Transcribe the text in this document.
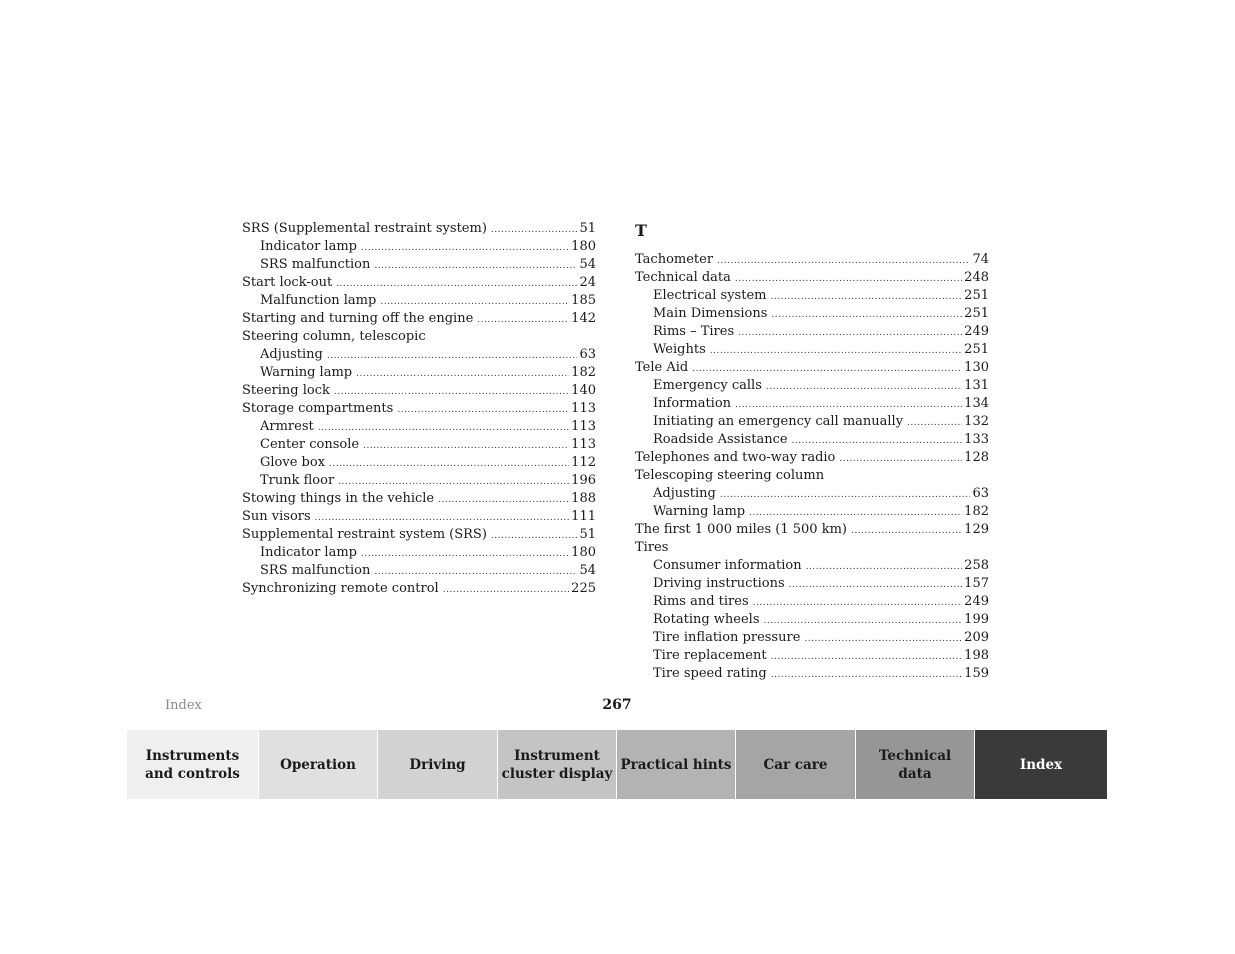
SRS (Supplemental restraint system) .....	51
Indicator lamp .....	180
SRS malfunction .....	54
Start lock-out .....	24
Malfunction lamp .....	185
Starting and turning off the engine .....	142
Steering column, telescopic
Adjusting .....	63
Warning lamp .....	182
Steering lock .....	140
Storage compartments .....	113
Armrest .....	113
Center console .....	113
Glove box .....	112
Trunk floor .....	196
Stowing things in the vehicle .....	188
Sun visors .....	111
Supplemental restraint system (SRS) .....	51
Indicator lamp .....	180
SRS malfunction .....	54
Synchronizing remote control .....	225
T
Tachometer .....	74
Technical data .....	248
Electrical system .....	251
Main Dimensions .....	251
Rims – Tires .....	249
Weights .....	251
Tele Aid .....	130
Emergency calls .....	131
Information .....	134
Initiating an emergency call manually .....	132
Roadside Assistance .....	133
Telephones and two-way radio .....	128
Telescoping steering column
Adjusting .....	63
Warning lamp .....	182
The first 1 000 miles (1 500 km) .....	129
Tires
Consumer information .....	258
Driving instructions .....	157
Rims and tires .....	249
Rotating wheels .....	199
Tire inflation pressure .....	209
Tire replacement .....	198
Tire speed rating .....	159
Index	267
Instruments
and controls
Operation	Driving
Instrument
cluster display
Practical hints Car care
Technical
data
Index
